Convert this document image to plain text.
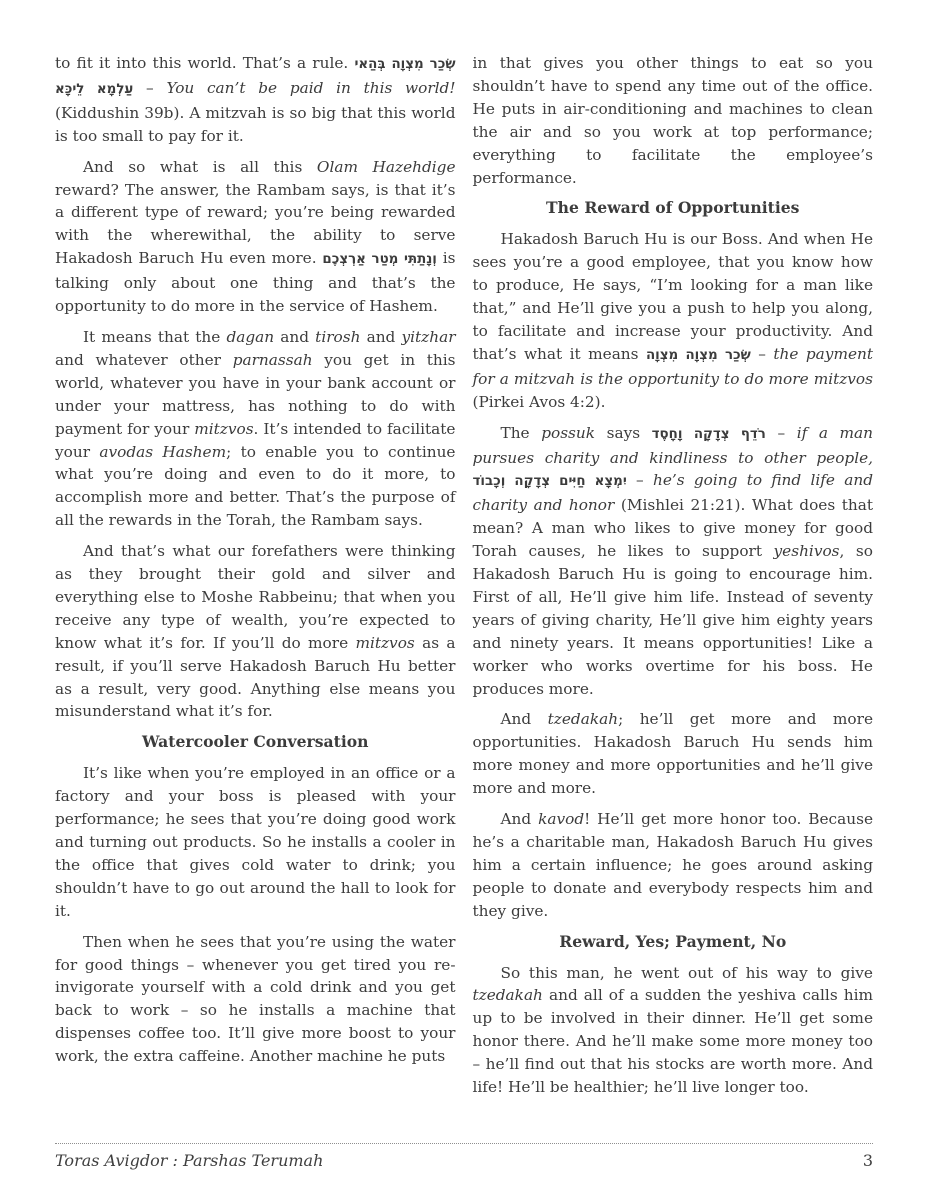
to fit it into this world. That’s a rule. שְׂכַר מִצְוָה בְּהַאי עַלְמָא לֵיכָּא – You can’t be paid in this world! (Kiddushin 39b). A mitzvah is so big that this world is too small to pay for it.

And so what is all this Olam Hazehdige reward? The answer, the Rambam says, is that it’s a different type of reward; you’re being rewarded with the wherewithal, the ability to serve Hakadosh Baruch Hu even more. וְנָתַתִּי מְטַר אַרְצְכֶם is talking only about one thing and that’s the opportunity to do more in the service of Hashem.

It means that the dagan and tirosh and yitzhar and whatever other parnassah you get in this world, whatever you have in your bank account or under your mattress, has nothing to do with payment for your mitzvos. It’s intended to facilitate your avodas Hashem; to enable you to continue what you’re doing and even to do it more, to accomplish more and better. That’s the purpose of all the rewards in the Torah, the Rambam says.

And that’s what our forefathers were thinking as they brought their gold and silver and everything else to Moshe Rabbeinu; that when you receive any type of wealth, you’re expected to know what it’s for. If you’ll do more mitzvos as a result, if you’ll serve Hakadosh Baruch Hu better as a result, very good. Anything else means you misunderstand what it’s for.

Watercooler Conversation

It’s like when you’re employed in an office or a factory and your boss is pleased with your performance; he sees that you’re doing good work and turning out products. So he installs a cooler in the office that gives cold water to drink; you shouldn’t have to go out around the hall to look for it.

Then when he sees that you’re using the water for good things – whenever you get tired you re-invigorate yourself with a cold drink and you get back to work – so he installs a machine that dispenses coffee too. It’ll give more boost to your work, the extra caffeine. Another machine he puts

in that gives you other things to eat so you shouldn’t have to spend any time out of the office. He puts in air-conditioning and machines to clean the air and so you work at top performance; everything to facilitate the employee’s performance.

The Reward of Opportunities

Hakadosh Baruch Hu is our Boss. And when He sees you’re a good employee, that you know how to produce, He says, “I’m looking for a man like that,” and He’ll give you a push to help you along, to facilitate and increase your productivity. And that’s what it means שְׂכַר מִצְוָה מִצְוָה – the payment for a mitzvah is the opportunity to do more mitzvos (Pirkei Avos 4:2).

The possuk says רֹדֵף צְדָקָה וָחָסֶד – if a man pursues charity and kindliness to other people, יִמְצָא חַיִּים צְדָקָה וְכָבוֹד – he’s going to find life and charity and honor (Mishlei 21:21). What does that mean? A man who likes to give money for good Torah causes, he likes to support yeshivos, so Hakadosh Baruch Hu is going to encourage him. First of all, He’ll give him life. Instead of seventy years of giving charity, He’ll give him eighty years and ninety years. It means opportunities! Like a worker who works overtime for his boss. He produces more.

And tzedakah; he’ll get more and more opportunities. Hakadosh Baruch Hu sends him more money and more opportunities and he’ll give more and more.

And kavod! He’ll get more honor too. Because he’s a charitable man, Hakadosh Baruch Hu gives him a certain influence; he goes around asking people to donate and everybody respects him and they give.

Reward, Yes; Payment, No

So this man, he went out of his way to give tzedakah and all of a sudden the yeshiva calls him up to be involved in their dinner. He’ll get some honor there. And he’ll make some more money too – he’ll find out that his stocks are worth more. And life! He’ll be healthier; he’ll live longer too.

Toras Avigdor : Parshas Terumah	3
